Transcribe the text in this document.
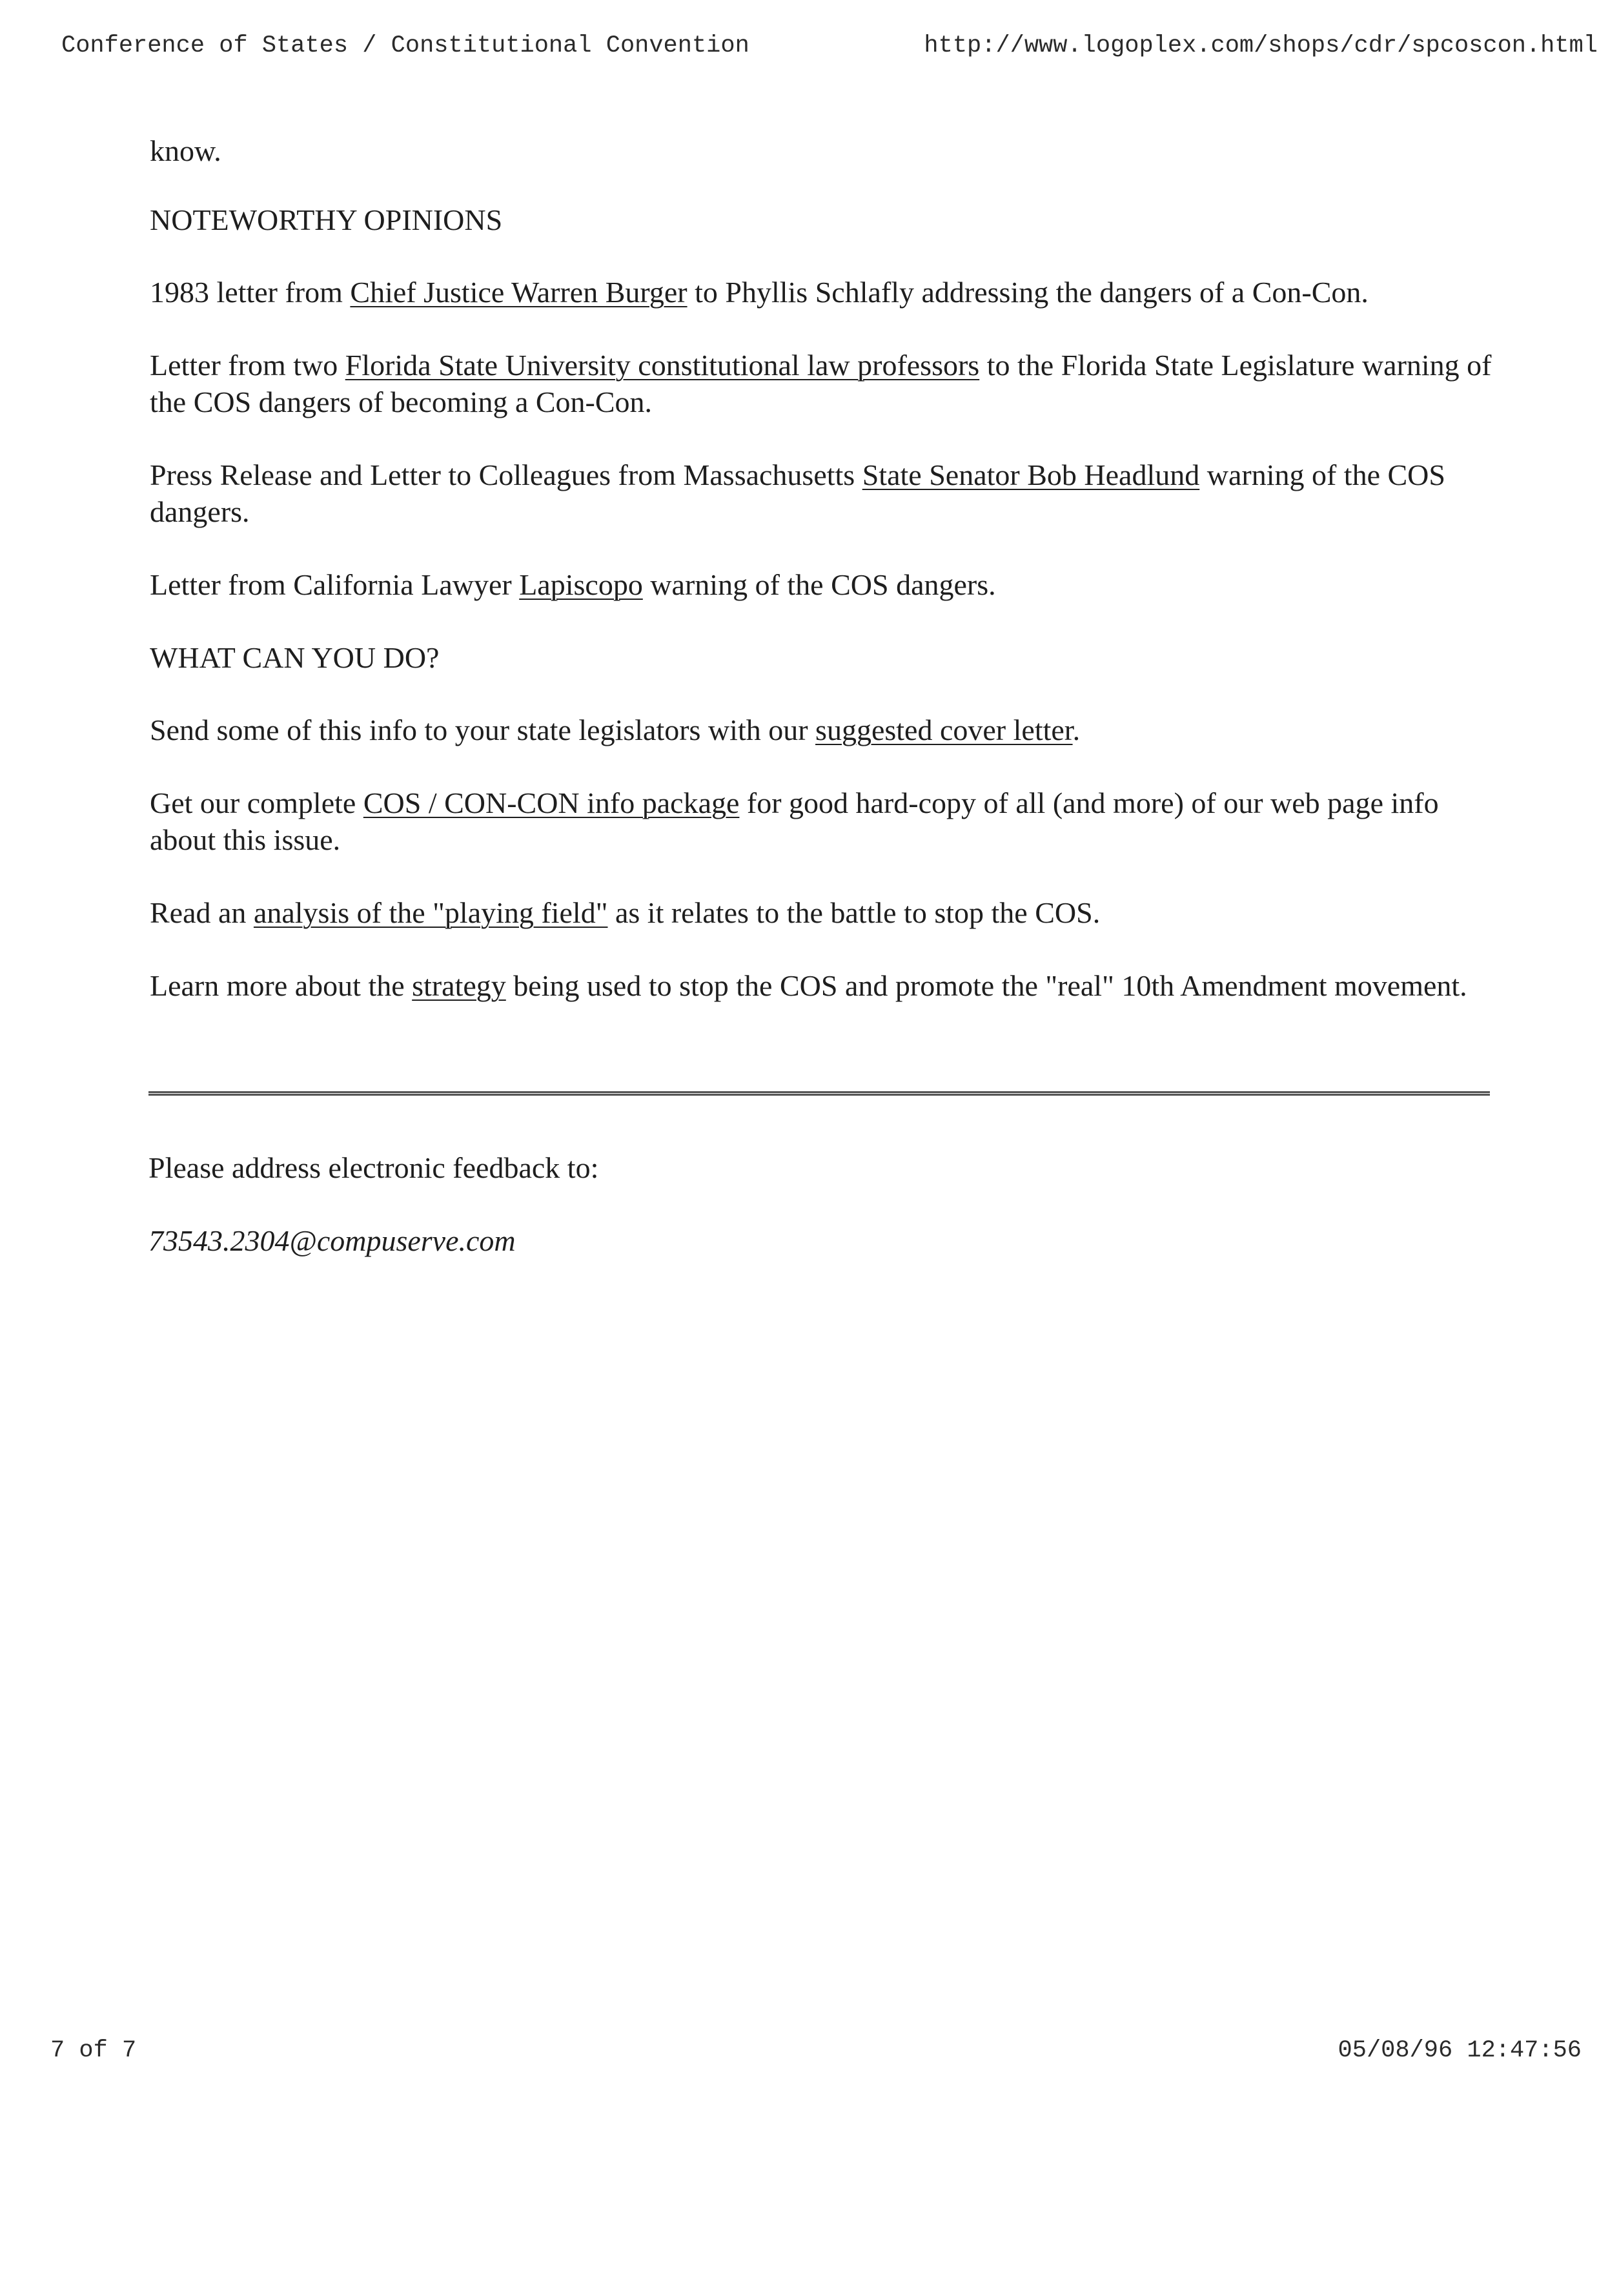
Conference of States / Constitutional Convention	http://www.logoplex.com/shops/cdr/spcoscon.html

know.

NOTEWORTHY OPINIONS

1983 letter from Chief Justice Warren Burger to Phyllis Schlafly addressing the dangers of a Con-Con.

Letter from two Florida State University constitutional law professors to the Florida State Legislature warning of the COS dangers of becoming a Con-Con.

Press Release and Letter to Colleagues from Massachusetts State Senator Bob Headlund warning of the COS dangers.

Letter from California Lawyer Lapiscopo warning of the COS dangers.

WHAT CAN YOU DO?

Send some of this info to your state legislators with our suggested cover letter.

Get our complete COS / CON-CON info package for good hard-copy of all (and more) of our web page info about this issue.

Read an analysis of the "playing field" as it relates to the battle to stop the COS.

Learn more about the strategy being used to stop the COS and promote the "real" 10th Amendment movement.

Please address electronic feedback to:

73543.2304@compuserve.com

7 of 7	05/08/96 12:47:56
